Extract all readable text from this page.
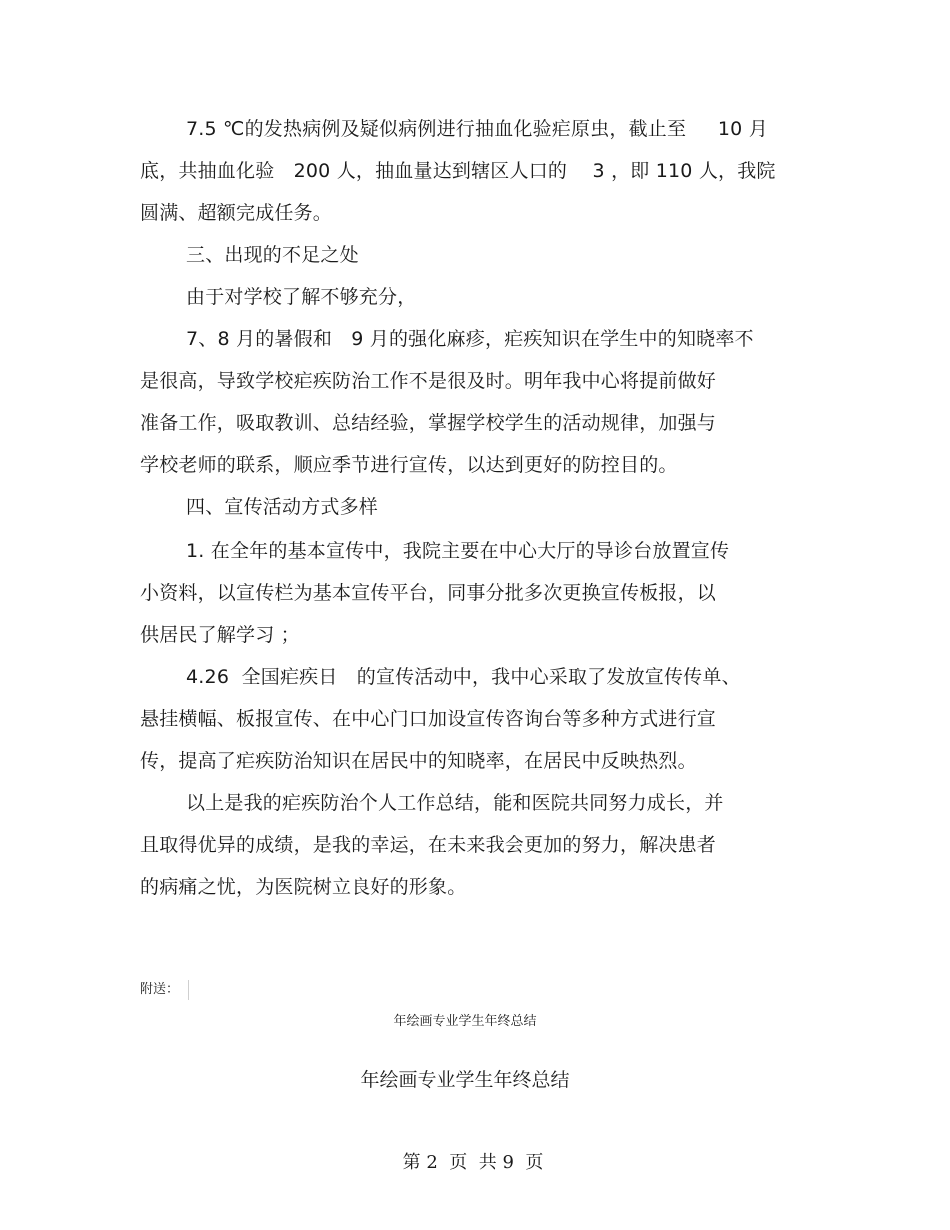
7.5 ℃的发热病例及疑似病例进行抽血化验疟原虫，截止至　  10 月
底，共抽血化验　200 人，抽血量达到辖区人口的　 3 ，即 110 人，我院
圆满、超额完成任务。
三、出现的不足之处
由于对学校了解不够充分，
7、8 月的暑假和　9 月的强化麻疹，疟疾知识在学生中的知晓率不
是很高，导致学校疟疾防治工作不是很及时。明年我中心将提前做好
准备工作，吸取教训、总结经验，掌握学校学生的活动规律，加强与
学校老师的联系，顺应季节进行宣传，以达到更好的防控目的。
四、宣传活动方式多样
1. 在全年的基本宣传中，我院主要在中心大厅的导诊台放置宣传
小资料，以宣传栏为基本宣传平台，同事分批多次更换宣传板报，以
供居民了解学习 ；
4.26  全国疟疾日　的宣传活动中，我中心采取了发放宣传传单、
悬挂横幅、板报宣传、在中心门口加设宣传咨询台等多种方式进行宣
传，提高了疟疾防治知识在居民中的知晓率，在居民中反映热烈。
以上是我的疟疾防治个人工作总结，能和医院共同努力成长，并
且取得优异的成绩，是我的幸运，在未来我会更加的努力，解决患者
的病痛之忧，为医院树立良好的形象。
附送：
年绘画专业学生年终总结
年绘画专业学生年终总结
第 2  页  共 9  页
